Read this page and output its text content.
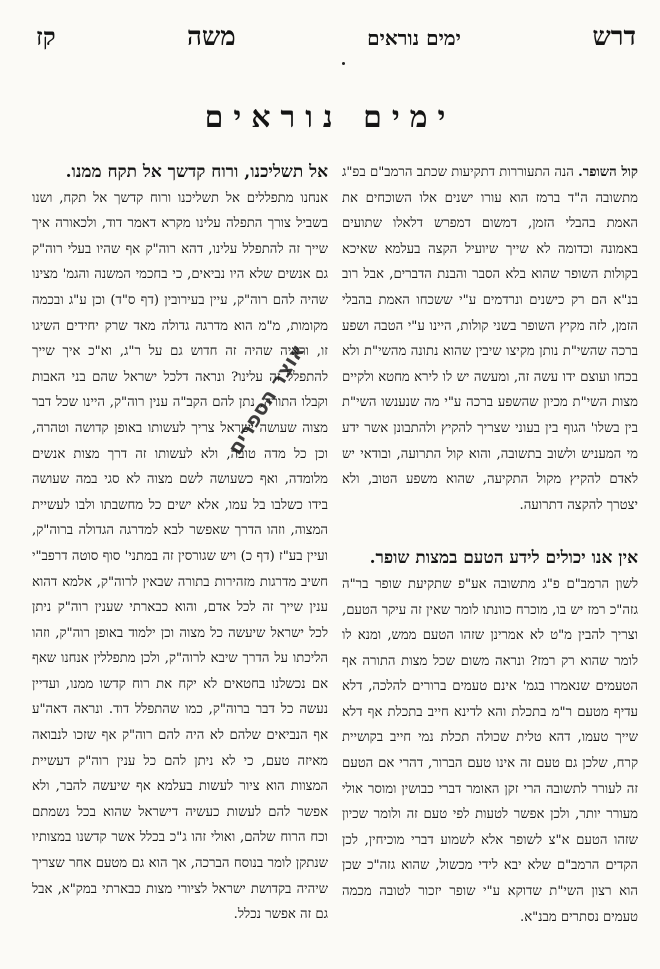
דרש
ימים נוראים
משה
קז
ימים נוראים

קול השופר. הנה התעוררות דתקיעות שכתב הרמב"ם בפ"ג מתשובה ה"ד ברמז הוא עורו ישנים אלו השוכחים את האמת בהבלי הזמן, דמשום דמפרש דלאלו שתועים באמונה וכדומה לא שייך שיועיל הקצה בעלמא שאיכא בקולות השופר שהוא בלא הסבר והבנת הדברים, אבל רוב בנ"א הם רק כישנים ונרדמים ע"י ששכחו האמת בהבלי הזמן, לזה מקיץ השופר בשני קולות, היינו ע"י הטבה ושפע ברכה שהשי"ת נותן מקיצו שיבין שהוא נתונה מהשי"ת ולא בכחו ועוצם ידו עשה זה, ומעשה יש לו לירא מחטא ולקיים מצות השי"ת מכיון שהשפע ברכה ע"י מה שנענשו השי"ת בין בשלו' הגוף בין בעוני שצריך להקיץ ולהתבונן אשר ידע מי המעניש ולשוב בתשובה, והוא קול התרועה, ובודאי יש לאדם להקיץ מקול התקיעה, שהוא משפע הטוב, ולא יצטרך להקצה דתרועה.

אין אנו יכולים לידע הטעם במצות שופר.

לשון הרמב"ם פ"ג מתשובה אע"פ שתקיעת שופר בר"ה גזה"כ רמז יש בו, מוכרח כוונתו לומר שאין זה עיקר הטעם, וצריך להבין מ"ט לא אמרינן שזהו הטעם ממש, ומנא לו לומר שהוא רק רמז? ונראה משום שכל מצות התורה אף הטעמים שנאמרו בגמ' אינם טעמים ברורים להלכה, דלא עדיף מטעם ר"מ בתכלת והא לדינא חייב בתכלת אף דלא שייך טעמו, דהא טלית שכולה תכלת נמי חייב בקושיית קרח, שלכן גם טעם זה אינו טעם הברור, דהרי אם הטעם זה לעורר לתשובה הרי זקן האומר דברי כבושין ומוסר אולי מעורר יותר, ולכן אפשר לטעות לפי טעם זה ולומר שכיון שזהו הטעם א"צ לשופר אלא לשמוע דברי מוכיחין, לכן הקדים הרמב"ם שלא יבא לידי מכשול, שהוא גזה"כ שכן הוא רצון השי"ת שדוקא ע"י שופר יזכור לטובה מכמה טעמים נסתרים מבנ"א.

אל תשליכנו, ורוח קדשך אל תקח ממנו.
אנחנו מתפללים אל תשליכנו ורוח קדשך אל תקח, ושנו בשביל צורך התפלה עלינו מקרא דאמר דוד, ולכאורה איך שייך זה להתפלל עלינו, דהא רוה"ק אף שהיו בעלי רוה"ק גם אנשים שלא היו נביאים, כי בחכמי המשנה והגמ' מצינו שהיה להם רוה"ק, עיין בעירובין (דף ס"ד) וכן ע"ג ובכמה מקומות, מ"מ הוא מדרגה גדולה מאד שרק יחידים השיגו זו, וראיה שהיה זה חדוש גם על ר"ג, וא"כ איך שייך להתפלל זה עלינו? ונראה דלכל ישראל שהם בני האבות וקבלו התורה, נתן להם הקב"ה ענין רוה"ק, היינו שכל דבר מצוה שעושה ישראל צריך לעשותו באופן קדושה וטהרה, וכן כל מדה טובה, ולא לעשותו זה דרך מצות אנשים מלומדה, ואף כשעושה לשם מצוה לא סגי במה שעושה בידו כשלבו בל עמו, אלא ישים כל מחשבתו ולבו לעשיית המצוה, וזהו הדרך שאפשר לבא למדרגה הגדולה ברוה"ק, ועיין בע"ז (דף כ) ויש שגורסין זה במתני' סוף סוטה דרפב"י חשיב מדרגות מזהירות בתורה שבאין לרוה"ק, אלמא דהוא ענין שייך זה לכל אדם, והוא כבארתי שענין רוה"ק ניתן לכל ישראל שיעשה כל מצוה וכן ילמוד באופן רוה"ק, וזהו הליכתו על הדרך שיבא לרוה"ק, ולכן מתפללין אנחנו שאף אם נכשלנו בחטאים לא יקח את רוח קדשו ממנו, ועדיין נעשה כל דבר ברוה"ק, כמו שהתפלל דוד. ונראה דאה"ע אף הנביאים שלהם לא היה להם רוה"ק אף שזכו לנבואה מאיזה טעם, כי לא ניתן להם כל ענין רוה"ק דעשיית המצוות הוא ציור לעשות בעלמא אף שיעשה להבר, ולא אפשר להם לעשות כעשיה דישראל שהוא בכל נשמתם וכח הרוח שלהם, ואולי זהו ג"כ בכלל אשר קדשנו במצותיו שנתקן לומר בנוסח הברכה, אך הוא גם מטעם אחר שצריך שיהיה בקדושת ישראל לציורי מצות כבארתי במק"א, אבל גם זה אפשר נכלל.

אוצר הספרים
